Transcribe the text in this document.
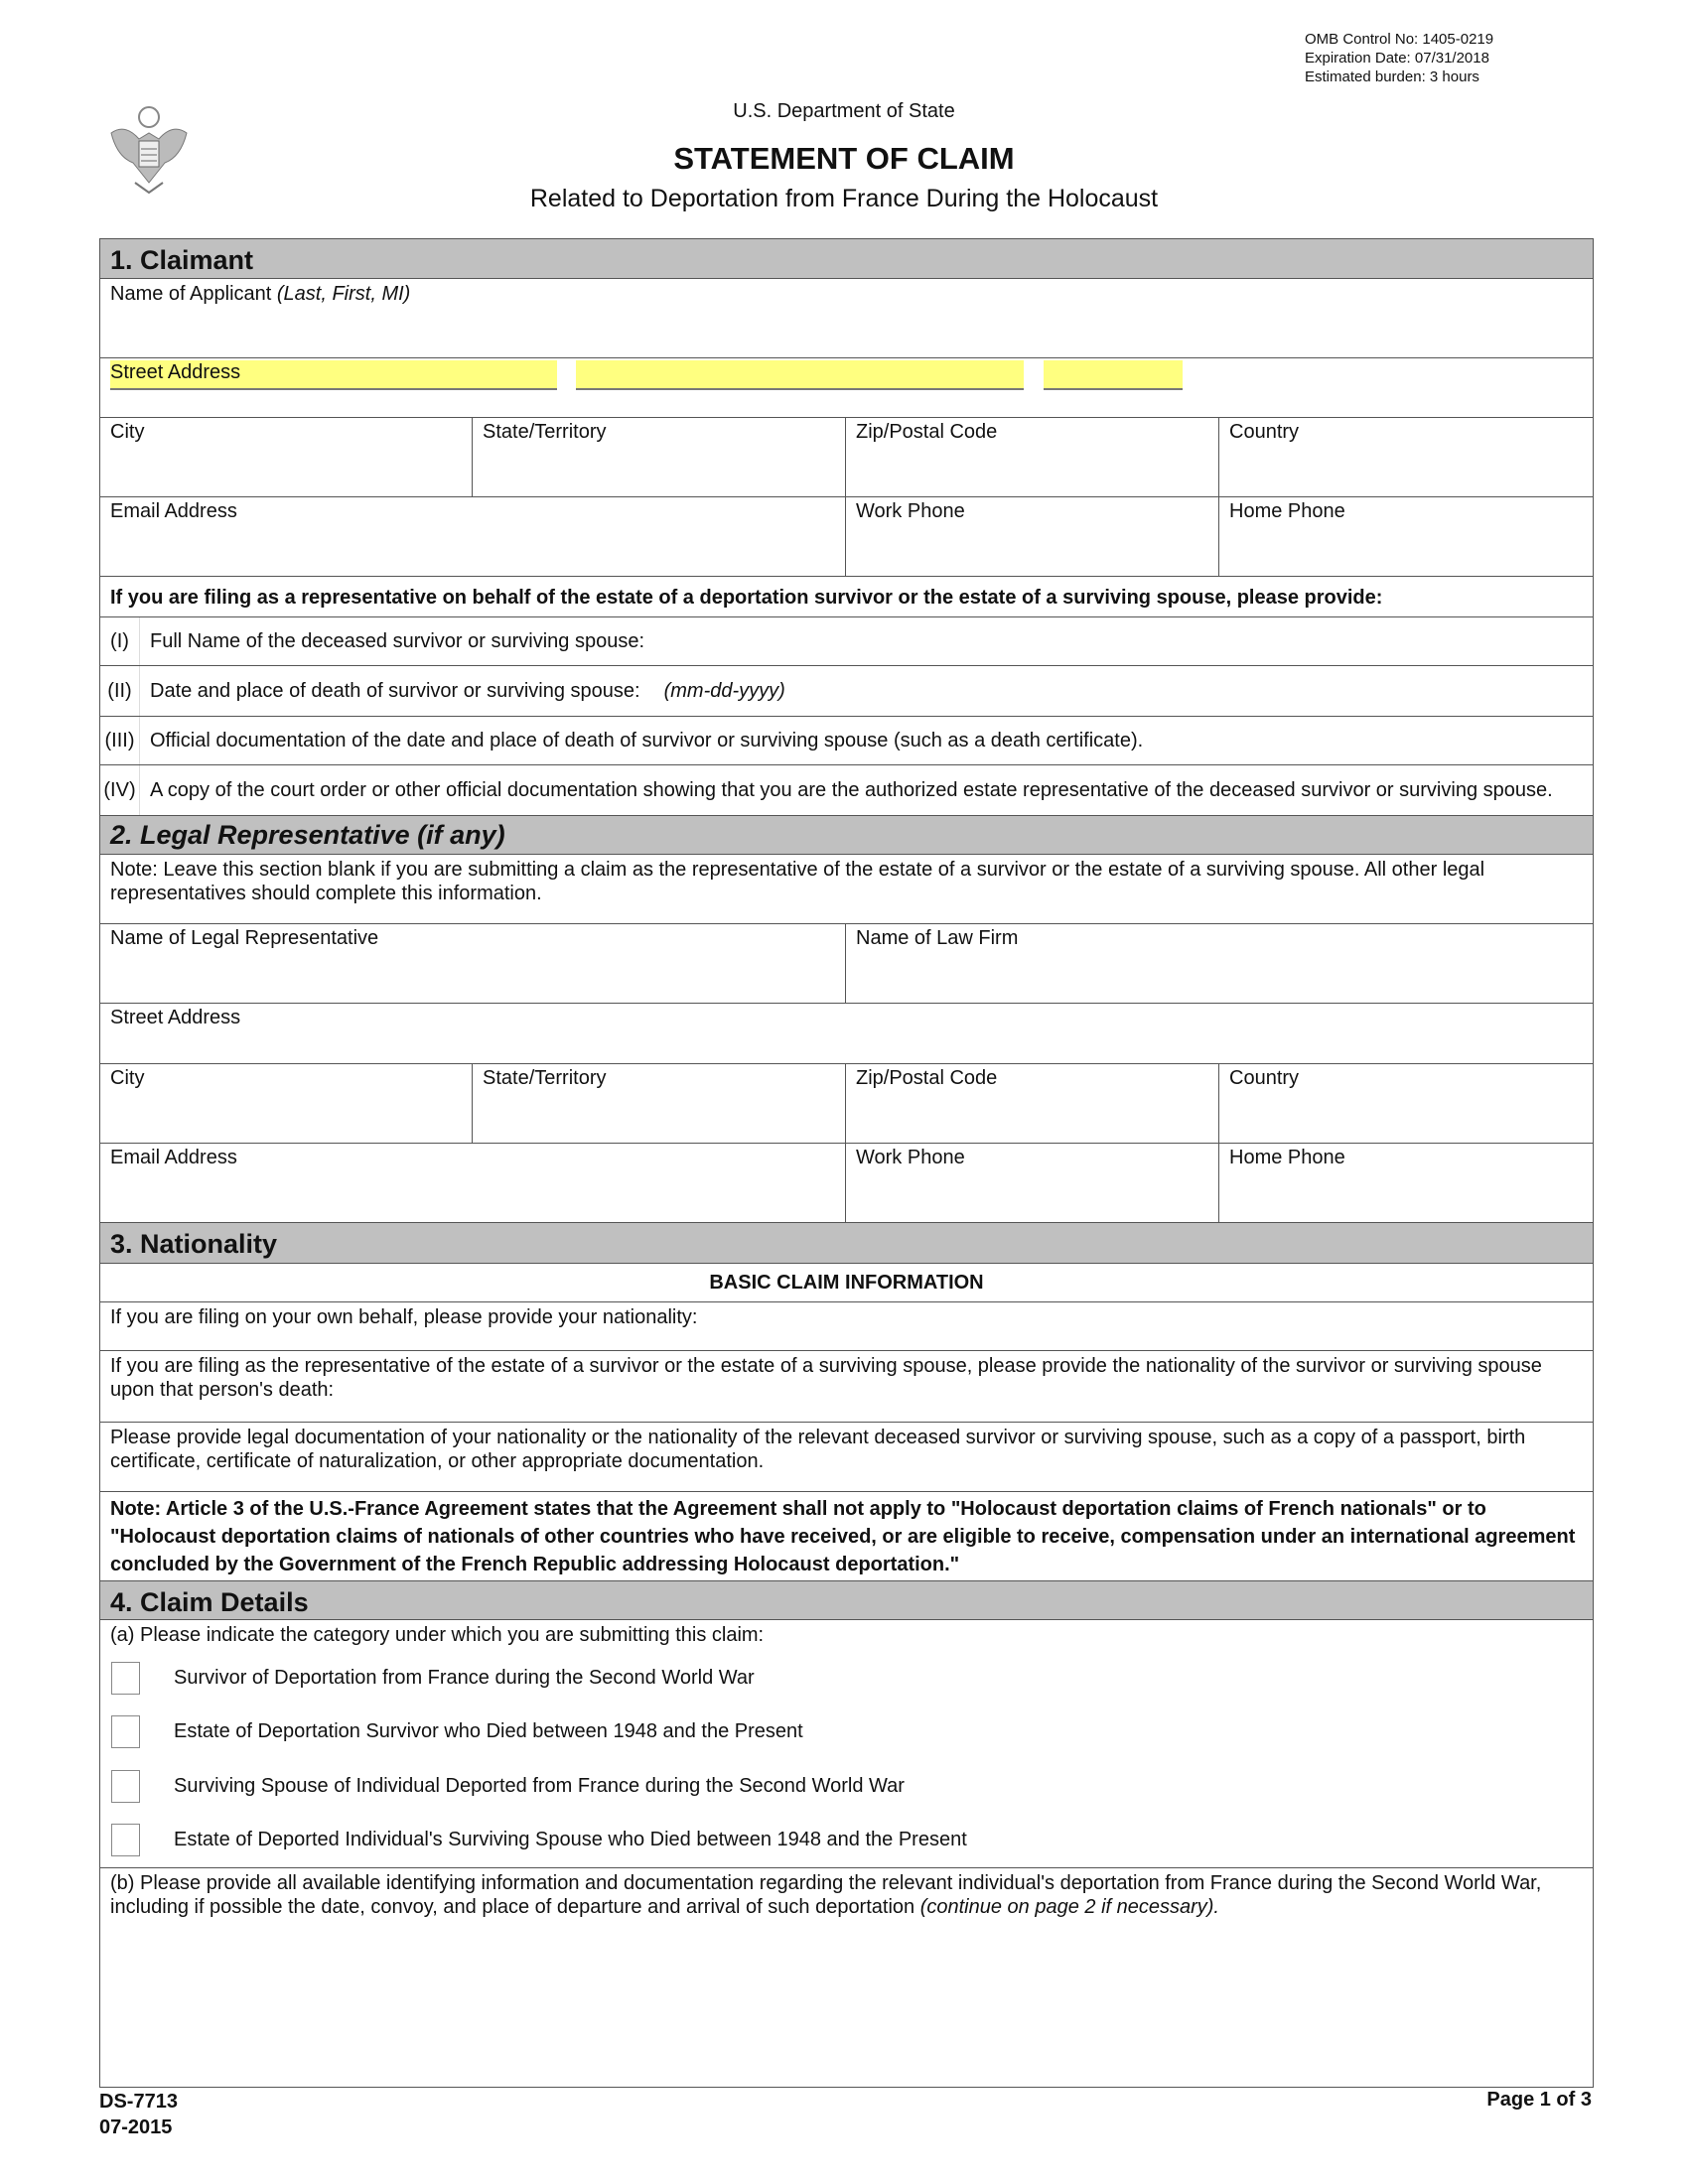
OMB Control No: 1405-0219
Expiration Date: 07/31/2018
Estimated burden: 3 hours
U.S. Department of State
STATEMENT OF CLAIM
Related to Deportation from France During the Holocaust
1. Claimant
Name of Applicant (Last, First, MI)
Street Address
City	State/Territory	Zip/Postal Code	Country
Email Address	Work Phone	Home Phone
If you are filing as a representative on behalf of the estate of a deportation survivor or the estate of a surviving spouse, please provide:
(I)	Full Name of the deceased survivor or surviving spouse:
(II) Date and place of death of survivor or surviving spouse: (mm-dd-yyyy)
(III) Official documentation of the date and place of death of survivor or surviving spouse (such as a death certificate).
(IV) A copy of the court order or other official documentation showing that you are the authorized estate representative of the deceased survivor or surviving spouse.
2. Legal Representative (if any)
Note: Leave this section blank if you are submitting a claim as the representative of the estate of a survivor or the estate of a surviving spouse. All other legal representatives should complete this information.
Name of Legal Representative	Name of Law Firm
Street Address
City	State/Territory	Zip/Postal Code	Country
Email Address	Work Phone	Home Phone
3. Nationality
BASIC CLAIM INFORMATION
If you are filing on your own behalf, please provide your nationality:
If you are filing as the representative of the estate of a survivor or the estate of a surviving spouse, please provide the nationality of the survivor or surviving spouse upon that person's death:
Please provide legal documentation of your nationality or the nationality of the relevant deceased survivor or surviving spouse, such as a copy of a passport, birth certificate, certificate of naturalization, or other appropriate documentation.
Note: Article 3 of the U.S.-France Agreement states that the Agreement shall not apply to "Holocaust deportation claims of French nationals" or to "Holocaust deportation claims of nationals of other countries who have received, or are eligible to receive, compensation under an international agreement concluded by the Government of the French Republic addressing Holocaust deportation."
4. Claim Details
(a) Please indicate the category under which you are submitting this claim:
Survivor of Deportation from France during the Second World War
Estate of Deportation Survivor who Died between 1948 and the Present
Surviving Spouse of Individual Deported from France during the Second World War
Estate of Deported Individual's Surviving Spouse who Died between 1948 and the Present
(b) Please provide all available identifying information and documentation regarding the relevant individual's deportation from France during the Second World War, including if possible the date, convoy, and place of departure and arrival of such deportation (continue on page 2 if necessary).
DS-7713
07-2015
Page 1 of 3
